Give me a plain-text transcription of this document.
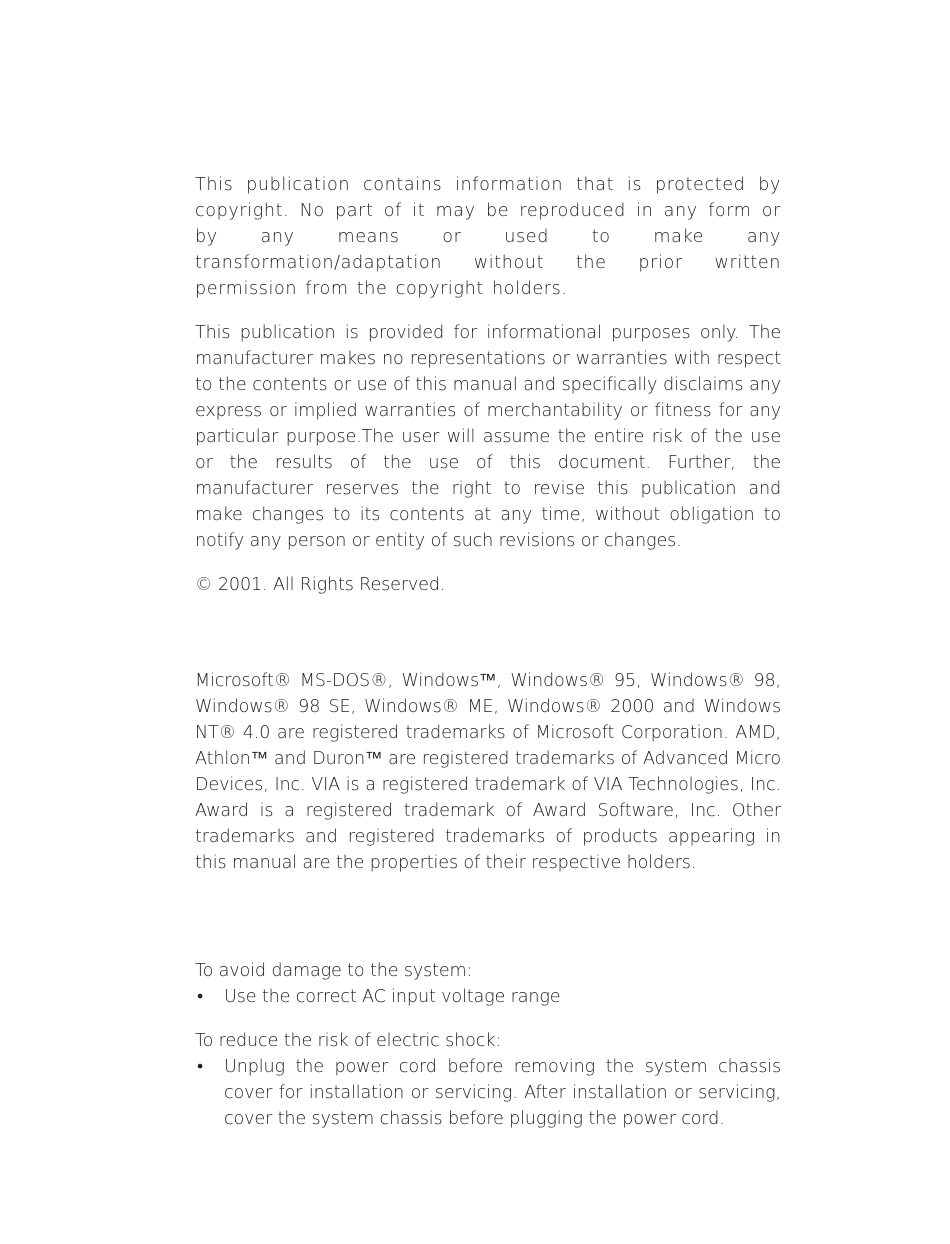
This publication contains information that is protected by copyright. No part of it may be reproduced in any form or by any means or used to make any transformation/adaptation without the prior written permission from the copyright holders.

This publication is provided for informational purposes only. The manufacturer makes no representations or warranties with respect to the contents or use of this manual and specifically disclaims any express or implied warranties of merchantability or fitness for any particular purpose.The user will assume the entire risk of the use or the results of the use of this document. Further, the manufacturer reserves the right to revise this publication and make changes to its contents at any time, without obligation to notify any person or entity of such revisions or changes.

© 2001. All Rights Reserved.

Microsoft® MS-DOS®, Windows™, Windows® 95, Windows® 98, Windows® 98 SE, Windows® ME, Windows® 2000 and Windows NT® 4.0 are registered trademarks of Microsoft Corporation. AMD, Athlon™ and Duron™ are registered trademarks of Advanced Micro Devices, Inc. VIA is a registered trademark of VIA Technologies, Inc. Award is a registered trademark of Award Software, Inc. Other trademarks and registered trademarks of products appearing in this manual are the properties of their respective holders.

To avoid damage to the system:

• Use the correct AC input voltage range

To reduce the risk of electric shock:

• Unplug the power cord before removing the system chassis cover for installation or servicing. After installation or servicing, cover the system chassis before plugging the power cord.
